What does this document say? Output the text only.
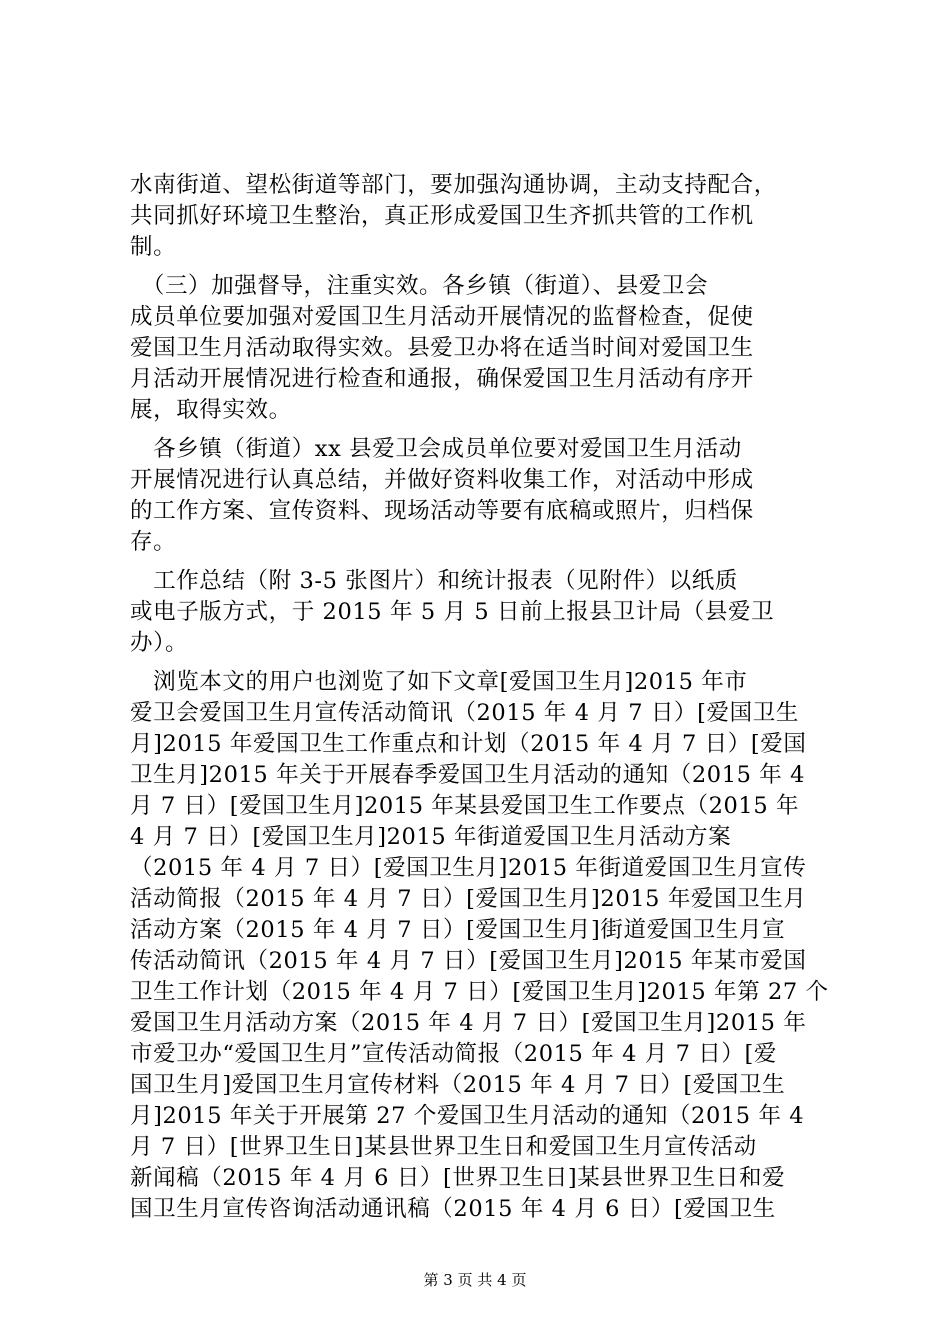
水南街道、望松街道等部门，要加强沟通协调，主动支持配合，
共同抓好环境卫生整治，真正形成爱国卫生齐抓共管的工作机
制。
　（三）加强督导，注重实效。各乡镇（街道）、县爱卫会
成员单位要加强对爱国卫生月活动开展情况的监督检查，促使
爱国卫生月活动取得实效。县爱卫办将在适当时间对爱国卫生
月活动开展情况进行检查和通报，确保爱国卫生月活动有序开
展，取得实效。
　各乡镇（街道）xx 县爱卫会成员单位要对爱国卫生月活动
开展情况进行认真总结，并做好资料收集工作，对活动中形成
的工作方案、宣传资料、现场活动等要有底稿或照片，归档保
存。
　工作总结（附 3-5 张图片）和统计报表（见附件）以纸质
或电子版方式，于 2015 年 5 月 5 日前上报县卫计局（县爱卫
办）。
　浏览本文的用户也浏览了如下文章[爱国卫生月]2015 年市
爱卫会爱国卫生月宣传活动简讯（2015 年 4 月 7 日）[爱国卫生
月]2015 年爱国卫生工作重点和计划（2015 年 4 月 7 日）[爱国
卫生月]2015 年关于开展春季爱国卫生月活动的通知（2015 年 4
月 7 日）[爱国卫生月]2015 年某县爱国卫生工作要点（2015 年
4 月 7 日）[爱国卫生月]2015 年街道爱国卫生月活动方案
（2015 年 4 月 7 日）[爱国卫生月]2015 年街道爱国卫生月宣传
活动简报（2015 年 4 月 7 日）[爱国卫生月]2015 年爱国卫生月
活动方案（2015 年 4 月 7 日）[爱国卫生月]街道爱国卫生月宣
传活动简讯（2015 年 4 月 7 日）[爱国卫生月]2015 年某市爱国
卫生工作计划（2015 年 4 月 7 日）[爱国卫生月]2015 年第 27 个
爱国卫生月活动方案（2015 年 4 月 7 日）[爱国卫生月]2015 年
市爱卫办“爱国卫生月”宣传活动简报（2015 年 4 月 7 日）[爱
国卫生月]爱国卫生月宣传材料（2015 年 4 月 7 日）[爱国卫生
月]2015 年关于开展第 27 个爱国卫生月活动的通知（2015 年 4
月 7 日）[世界卫生日]某县世界卫生日和爱国卫生月宣传活动
新闻稿（2015 年 4 月 6 日）[世界卫生日]某县世界卫生日和爱
国卫生月宣传咨询活动通讯稿（2015 年 4 月 6 日）[爱国卫生
第 3 页 共 4 页
